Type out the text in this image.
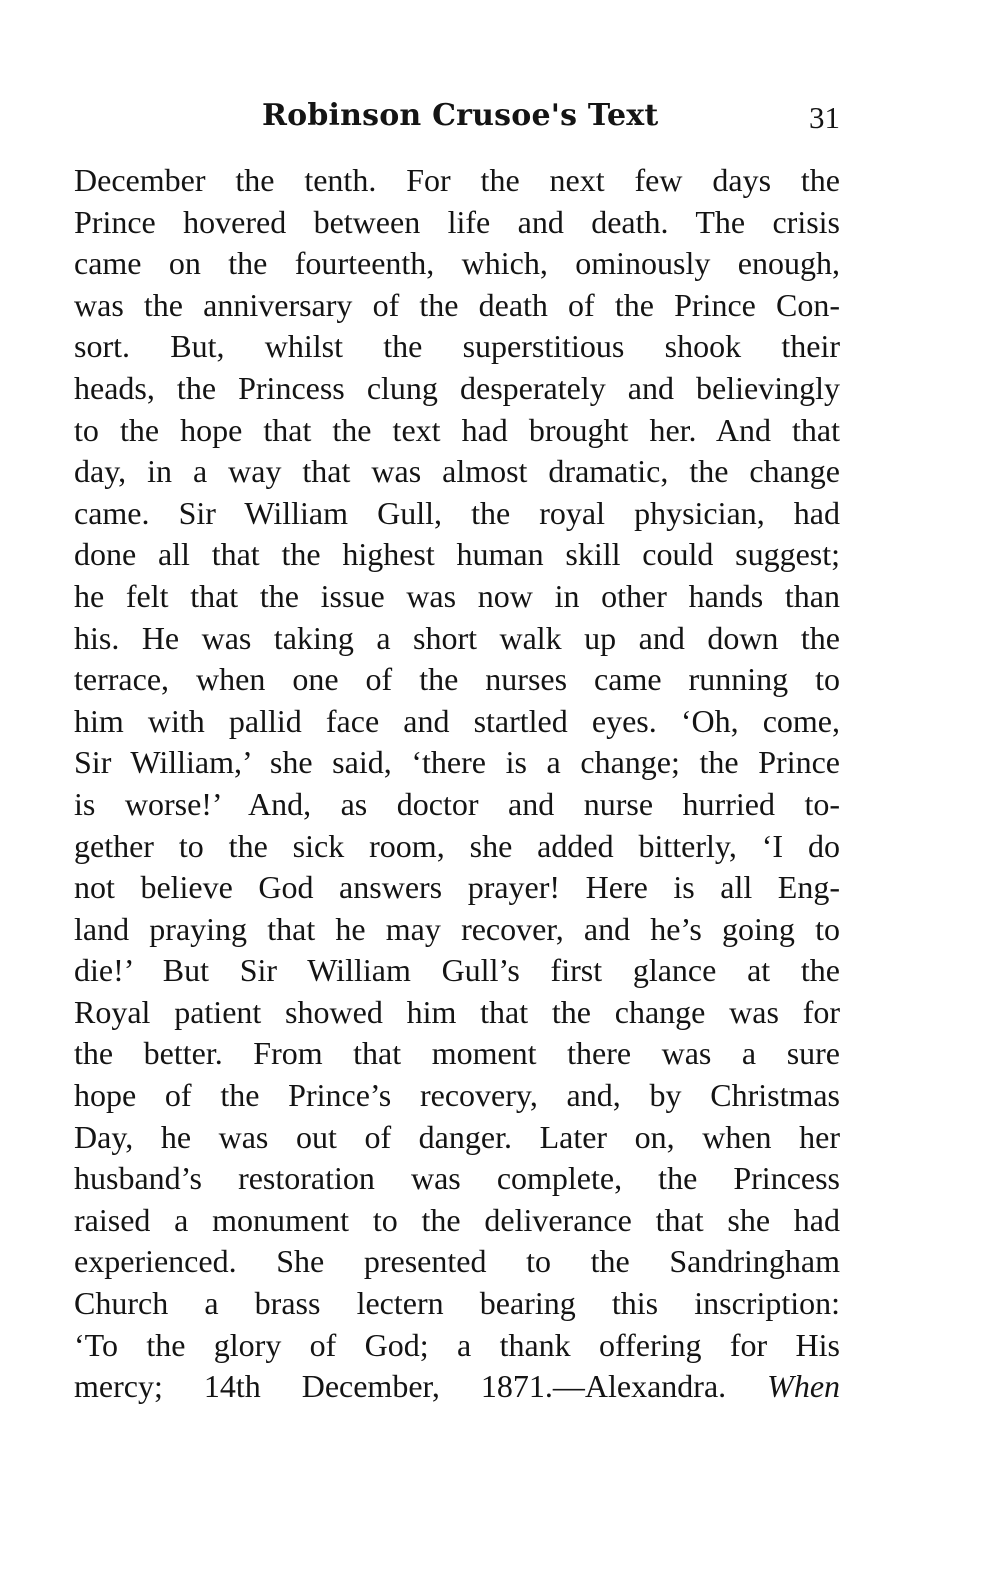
Robinson Crusoe's Text	31
December the tenth. For the next few days the
Prince hovered between life and death. The crisis
came on the fourteenth, which, ominously enough,
was the anniversary of the death of the Prince Con-
sort. But, whilst the superstitious shook their
heads, the Princess clung desperately and believingly
to the hope that the text had brought her. And that
day, in a way that was almost dramatic, the change
came. Sir William Gull, the royal physician, had
done all that the highest human skill could suggest;
he felt that the issue was now in other hands than
his. He was taking a short walk up and down the
terrace, when one of the nurses came running to
him with pallid face and startled eyes. ‘Oh, come,
Sir William,’ she said, ‘there is a change; the Prince
is worse!’ And, as doctor and nurse hurried to-
gether to the sick room, she added bitterly, ‘I do
not believe God answers prayer! Here is all Eng-
land praying that he may recover, and he’s going to
die!’ But Sir William Gull’s first glance at the
Royal patient showed him that the change was for
the better. From that moment there was a sure
hope of the Prince’s recovery, and, by Christmas
Day, he was out of danger. Later on, when her
husband’s restoration was complete, the Princess
raised a monument to the deliverance that she had
experienced. She presented to the Sandringham
Church a brass lectern bearing this inscription:
‘To the glory of God; a thank offering for His
mercy; 14th December, 1871.—Alexandra. When
